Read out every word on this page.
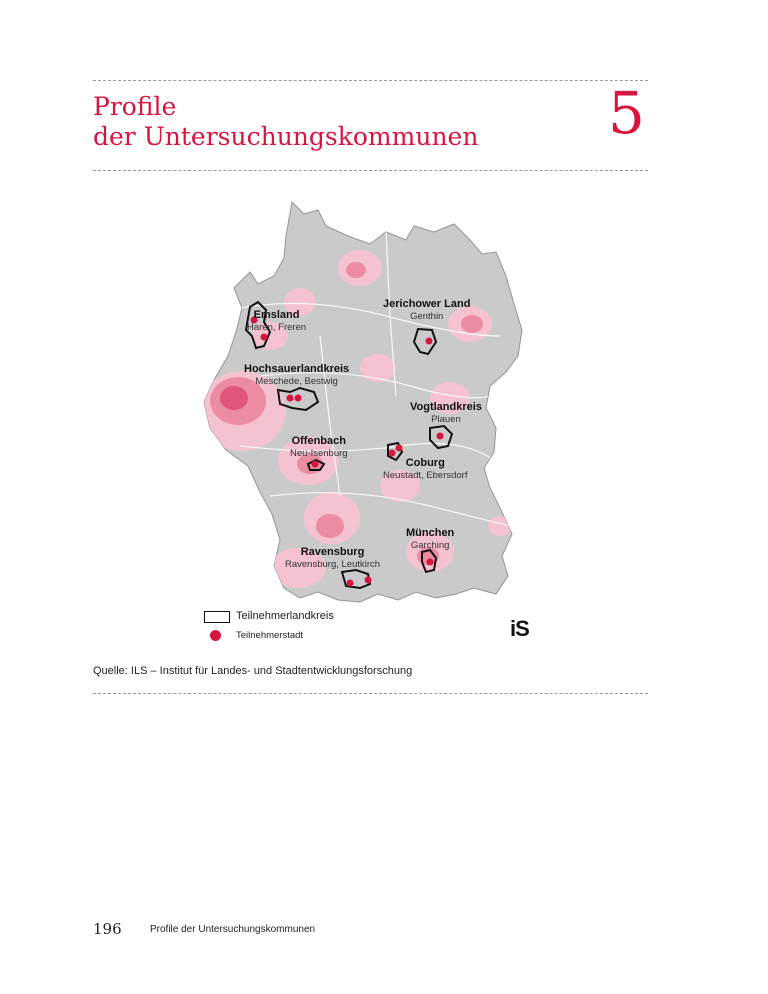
Profile
der Untersuchungskommunen 5
Emsland
Haren, Freren
Jerichower Land
Genthin
Hochsauerlandkreis
Meschede, Bestwig
Vogtlandkreis
Plauen
Offenbach
Neu-Isenburg
Coburg
Neustadt, Ebersdorf
München
Garching
Ravensburg
Ravensburg, Leutkirch
Teilnehmerlandkreis
Teilnehmerstadt	iS
Quelle: ILS – Institut für Landes- und Stadtentwicklungsforschung
196	Profile der Untersuchungskommunen
